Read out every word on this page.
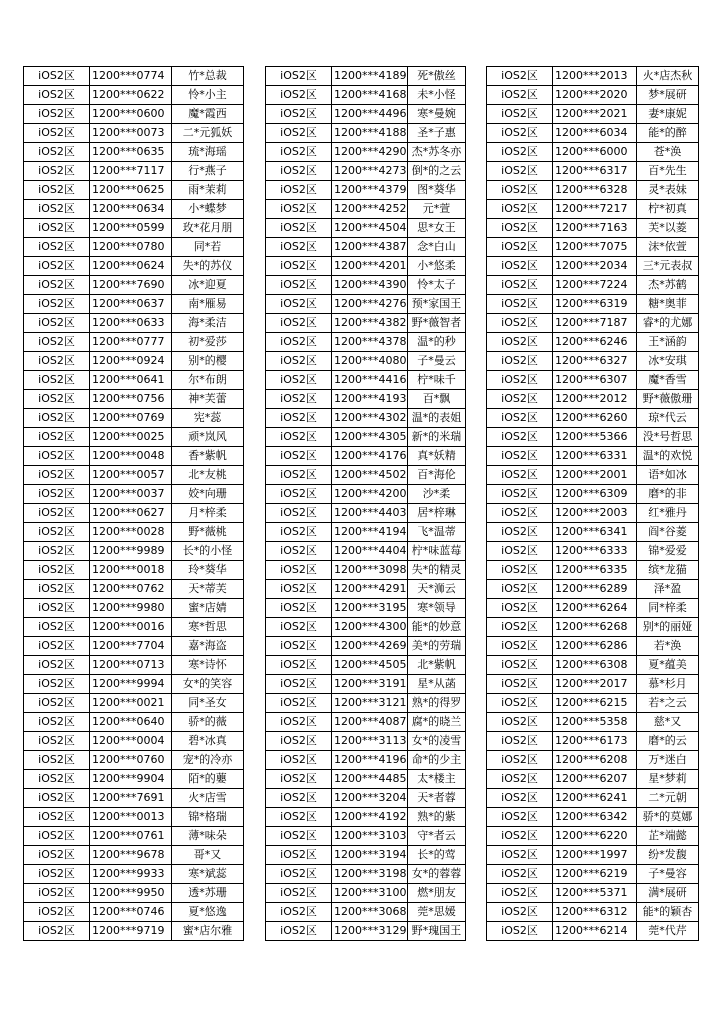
iOS2区	1200***0774	竹*总裁
iOS2区	1200***0622	怜*小主
iOS2区	1200***0600	魔*霞西
iOS2区	1200***0073	二*元狐妖
iOS2区	1200***0635	琉*海瑶
iOS2区	1200***7117	行*燕子
iOS2区	1200***0625	雨*茉莉
iOS2区	1200***0634	小*蝶梦
iOS2区	1200***0599	玫*花月朋
iOS2区	1200***0780	同*若
iOS2区	1200***0624	失*的苏仪
iOS2区	1200***7690	冰*迎夏
iOS2区	1200***0637	南*雁易
iOS2区	1200***0633	海*柔洁
iOS2区	1200***0777	初*爱莎
iOS2区	1200***0924	别*的樱
iOS2区	1200***0641	尔*布朗
iOS2区	1200***0756	神*芙蕾
iOS2区	1200***0769	宪*蕊
iOS2区	1200***0025	顽*岚风
iOS2区	1200***0048	香*紫帆
iOS2区	1200***0057	北*友桃
iOS2区	1200***0037	姣*向珊
iOS2区	1200***0627	月*梓柔
iOS2区	1200***0028	野*薇桃
iOS2区	1200***9989	长*的小怪
iOS2区	1200***0018	玲*葵华
iOS2区	1200***0762	天*蒂芙
iOS2区	1200***9980	蜜*店婧
iOS2区	1200***0016	寒*哲思
iOS2区	1200***7704	嘉*海盗
iOS2区	1200***0713	寒*诗怀
iOS2区	1200***9994	女*的笑容
iOS2区	1200***0021	同*圣女
iOS2区	1200***0640	骄*的薇
iOS2区	1200***0004	碧*冰真
iOS2区	1200***0760	宠*的冷亦
iOS2区	1200***9904	陌*的蘡
iOS2区	1200***7691	火*店雪
iOS2区	1200***0013	锦*格瑞
iOS2区	1200***0761	薄*味朵
iOS2区	1200***9678	哥*又
iOS2区	1200***9933	寒*斌蕊
iOS2区	1200***9950	透*苏珊
iOS2区	1200***0746	夏*悠逸
iOS2区	1200***9719	蜜*店尔雅
iOS2区	1200***4189	死*傲丝
iOS2区	1200***4168	未*小怪
iOS2区	1200***4496	寒*曼婉
iOS2区	1200***4188	圣*子惠
iOS2区	1200***4290	杰*苏冬亦
iOS2区	1200***4273	倒*的之云
iOS2区	1200***4379	图*葵华
iOS2区	1200***4252	元*萱
iOS2区	1200***4504	思*女王
iOS2区	1200***4387	念*白山
iOS2区	1200***4201	小*悠柔
iOS2区	1200***4390	怜*太子
iOS2区	1200***4276	预*家国王
iOS2区	1200***4382	野*薇智者
iOS2区	1200***4378	温*的秒
iOS2区	1200***4080	子*曼云
iOS2区	1200***4416	柠*味千
iOS2区	1200***4193	百*飘
iOS2区	1200***4302	温*的表姐
iOS2区	1200***4305	新*的米瑞
iOS2区	1200***4176	真*妖精
iOS2区	1200***4502	百*海伦
iOS2区	1200***4200	沙*柔
iOS2区	1200***4403	居*梓琳
iOS2区	1200***4194	飞*温蒂
iOS2区	1200***4404	柠*味蓝莓
iOS2区	1200***3098	失*的精灵
iOS2区	1200***4291	天*浉云
iOS2区	1200***3195	寒*领导
iOS2区	1200***4300	能*的妙意
iOS2区	1200***4269	美*的劳瑞
iOS2区	1200***4505	北*紫帆
iOS2区	1200***3191	星*从菡
iOS2区	1200***3121	熟*的得罗
iOS2区	1200***4087	腐*的晓兰
iOS2区	1200***3113	女*的凌雪
iOS2区	1200***4196	命*的少主
iOS2区	1200***4485	太*楼主
iOS2区	1200***3204	天*者蓉
iOS2区	1200***4192	熟*的紫
iOS2区	1200***3103	守*者云
iOS2区	1200***3194	长*的莺
iOS2区	1200***3198	女*的蓉蓉
iOS2区	1200***3100	燃*朋友
iOS2区	1200***3068	莞*思媛
iOS2区	1200***3129	野*瑰国王
iOS2区	1200***2013	火*店杰秋
iOS2区	1200***2020	梦*展研
iOS2区	1200***2021	妻*康妮
iOS2区	1200***6034	能*的醉
iOS2区	1200***6000	苍*涣
iOS2区	1200***6317	百*先生
iOS2区	1200***6328	灵*表妹
iOS2区	1200***7217	柠*初真
iOS2区	1200***7163	芙*以菱
iOS2区	1200***7075	沫*依萱
iOS2区	1200***2034	三*元表叔
iOS2区	1200***7224	杰*苏鹤
iOS2区	1200***6319	糖*奥菲
iOS2区	1200***7187	睿*的尤娜
iOS2区	1200***6246	王*涵韵
iOS2区	1200***6327	冰*安琪
iOS2区	1200***6307	魔*香雪
iOS2区	1200***2012	野*薇傲珊
iOS2区	1200***6260	琼*代云
iOS2区	1200***5366	没*号哲思
iOS2区	1200***6331	温*的欢悦
iOS2区	1200***2001	语*如冰
iOS2区	1200***6309	磨*的非
iOS2区	1200***2003	红*雅丹
iOS2区	1200***6341	阎*谷菱
iOS2区	1200***6333	锦*爱爱
iOS2区	1200***6335	缤*龙猫
iOS2区	1200***6289	泽*盈
iOS2区	1200***6264	同*梓柔
iOS2区	1200***6268	别*的丽娅
iOS2区	1200***6286	若*涣
iOS2区	1200***6308	夏*蕴美
iOS2区	1200***2017	慕*杉月
iOS2区	1200***6215	若*之云
iOS2区	1200***5358	慈*又
iOS2区	1200***6173	磨*的云
iOS2区	1200***6208	万*迷白
iOS2区	1200***6207	星*梦莉
iOS2区	1200***6241	二*元朝
iOS2区	1200***6342	骄*的莫娜
iOS2区	1200***6220	芷*端懿
iOS2区	1200***1997	纷*发馥
iOS2区	1200***6219	子*曼容
iOS2区	1200***5371	满*展研
iOS2区	1200***6312	能*的颖杏
iOS2区	1200***6214	莞*代芹
